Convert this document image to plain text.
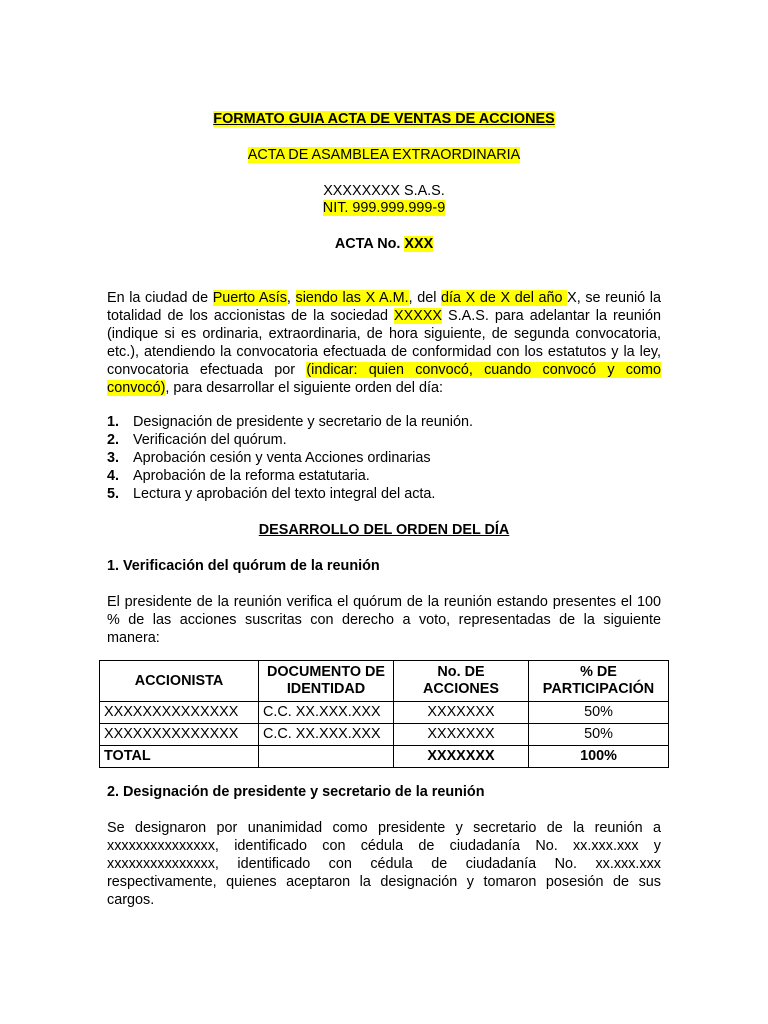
FORMATO GUIA ACTA DE VENTAS DE ACCIONES
ACTA DE ASAMBLEA EXTRAORDINARIA
XXXXXXXX S.A.S.
NIT. 999.999.999-9
ACTA No. XXX

En la ciudad de Puerto Asís, siendo las X A.M., del día X de X del año X, se reunió la totalidad de los accionistas de la sociedad XXXXX S.A.S. para adelantar la reunión (indique si es ordinaria, extraordinaria, de hora siguiente, de segunda convocatoria, etc.), atendiendo la convocatoria efectuada de conformidad con los estatutos y la ley, convocatoria efectuada por (indicar: quien convocó, cuando convocó y como convocó), para desarrollar el siguiente orden del día:

1. Designación de presidente y secretario de la reunión.
2. Verificación del quórum.
3. Aprobación cesión y venta Acciones ordinarias
4. Aprobación de la reforma estatutaria.
5. Lectura y aprobación del texto integral del acta.
DESARROLLO DEL ORDEN DEL DÍA
1. Verificación del quórum de la reunión

El presidente de la reunión verifica el quórum de la reunión estando presentes el 100 % de las acciones suscritas con derecho a voto, representadas de la siguiente manera:

ACCIONISTA	DOCUMENTO DE IDENTIDAD	No. DE ACCIONES	% DE PARTICIPACIÓN
XXXXXXXXXXXXXX	C.C. XX.XXX.XXX	XXXXXXX	50%
XXXXXXXXXXXXXX	C.C. XX.XXX.XXX	XXXXXXX	50%
TOTAL		XXXXXXX	100%
2. Designación de presidente y secretario de la reunión

Se designaron por unanimidad como presidente y secretario de la reunión a xxxxxxxxxxxxxxx, identificado con cédula de ciudadanía No. xx.xxx.xxx y xxxxxxxxxxxxxxx, identificado con cédula de ciudadanía No. xx.xxx.xxx respectivamente, quienes aceptaron la designación y tomaron posesión de sus cargos.
